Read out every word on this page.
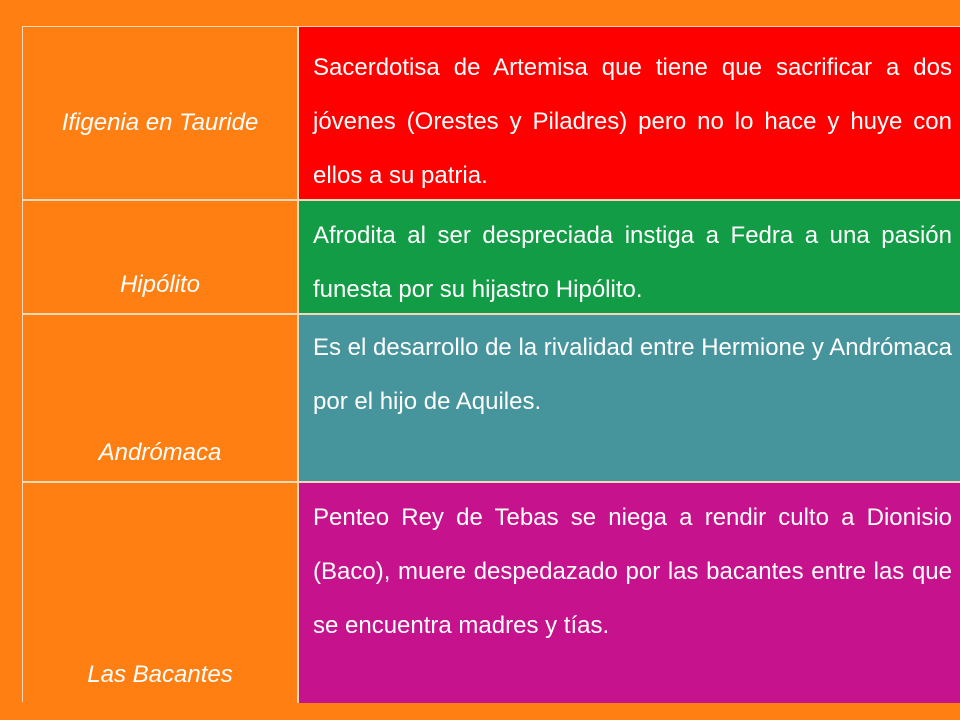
Ifigenia en Tauride
Sacerdotisa de Artemisa que tiene que sacrificar a dos jóvenes (Orestes y Piladres) pero no lo hace y huye con ellos a su patria.
Hipólito
Afrodita al ser despreciada instiga a Fedra a una pasión funesta por su hijastro Hipólito.
Andrómaca
Es el desarrollo de la rivalidad entre Hermione y Andrómaca por el hijo de Aquiles.
Las Bacantes
Penteo Rey de Tebas se niega a rendir culto a Dionisio (Baco), muere despedazado por las bacantes entre las que se encuentra madres y tías.
